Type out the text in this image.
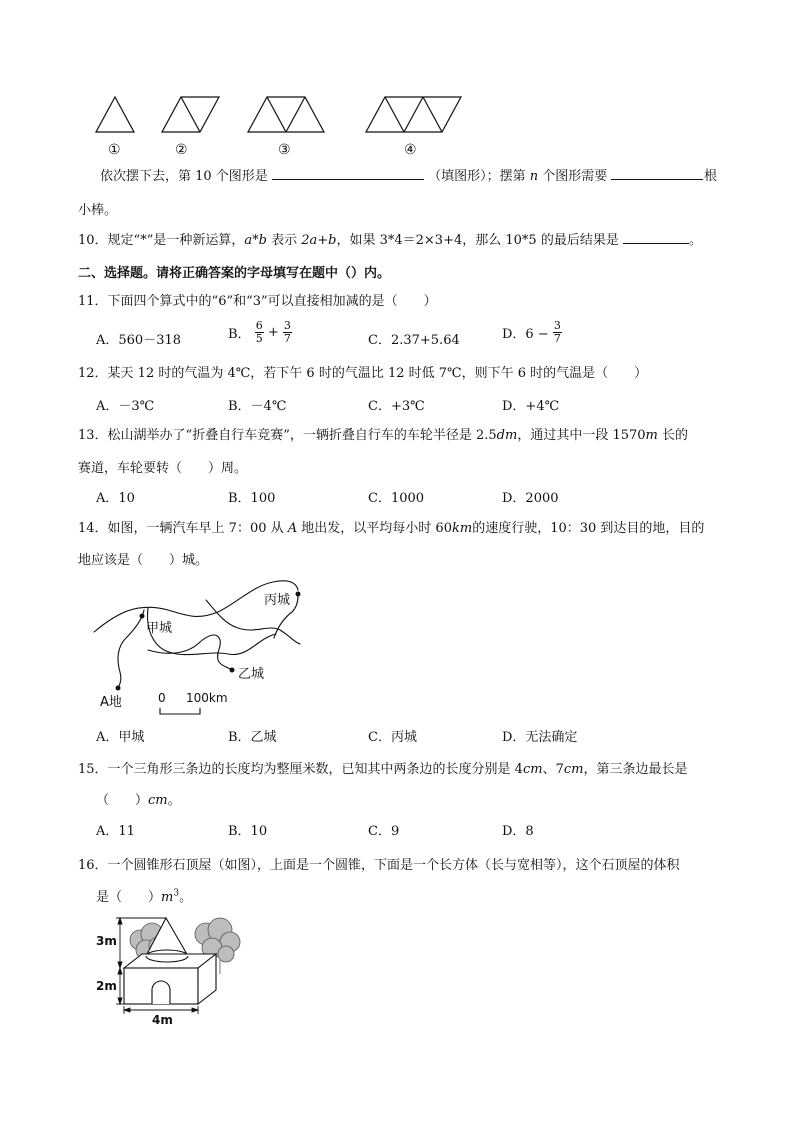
①	②	③	④
依次摆下去，第 10 个图形是	（填图形）；摆第 n 个图形需要	根
小棒。
10．规定“*”是一种新运算，a*b 表示 2a+b，如果 3*4＝2×3+4，那么 10*5 的最后结果是	。
二、选择题。请将正确答案的字母填写在题中（）内。
11．下面四个算式中的“6”和“3”可以直接相加减的是（　　）
A．560－318	B． $\frac{6}{5} + \frac{3}{7}$	C．2.37+5.64	D．$6 - \frac{3}{7}$
12．某天 12 时的气温为 4℃，若下午 6 时的气温比 12 时低 7℃，则下午 6 时的气温是（　　）
A．－3℃	B．－4℃	C．+3℃	D．+4℃
13．松山湖举办了“折叠自行车竞赛”，一辆折叠自行车的车轮半径是 2.5dm，通过其中一段 1570m 长的
赛道，车轮要转（　　）周。
A．10	B．100	C．1000	D．2000
14．如图，一辆汽车早上 7：00 从 A 地出发，以平均每小时 60km的速度行驶，10：30 到达目的地，目的
地应该是（　　）城。
甲城
乙城
丙城
A地	0 100km
A．甲城	B．乙城	C．丙城	D．无法确定
15．一个三角形三条边的长度均为整厘米数，已知其中两条边的长度分别是 4cm、7cm，第三条边最长是
（　　）cm。
A．11	B．10	C．9	D．8
16．一个圆锥形石顶屋（如图），上面是一个圆锥，下面是一个长方体（长与宽相等），这个石顶屋的体积
是（　　）$m^3$。
3m
2m
4m
